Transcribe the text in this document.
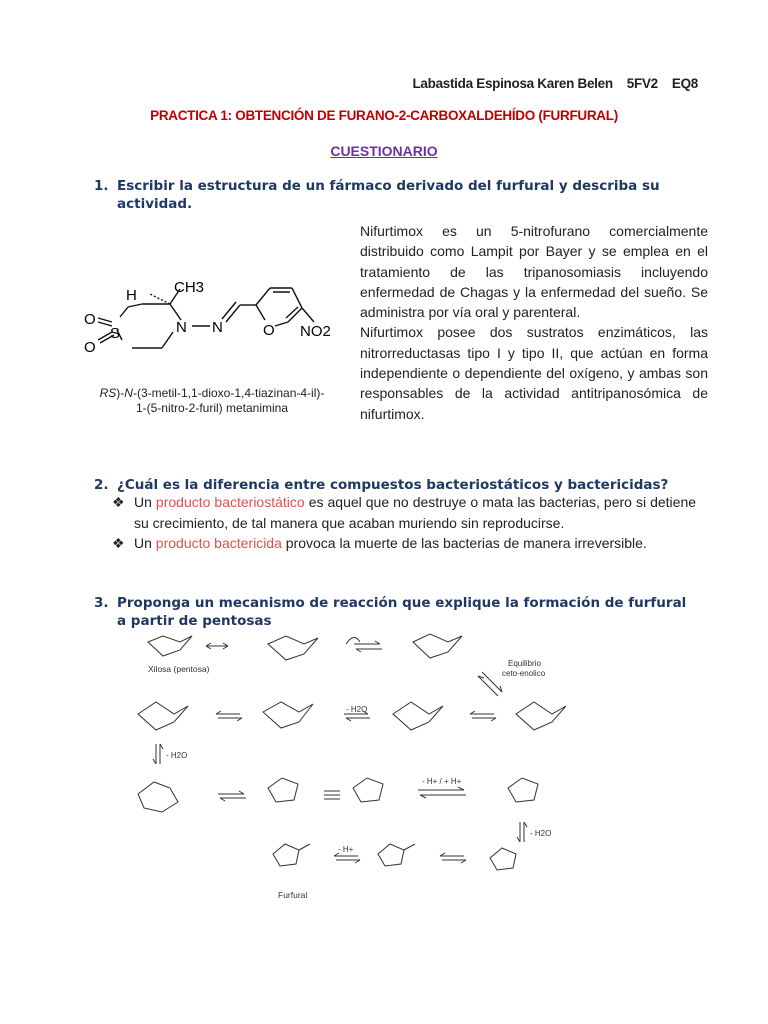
Labastida Espinosa Karen Belen 5FV2 EQ8
PRACTICA 1: OBTENCIÓN DE FURANO-2-CARBOXALDEHÍDO (FURFURAL)
CUESTIONARIO
1. Escribir la estructura de un fármaco derivado del furfural y describa su actividad.
H CH3
O
S
O
N N	O NO2
RS)-N-(3-metil-1,1-dioxo-1,4-tiazinan-4-il)-
1-(5-nitro-2-furil) metanimina
Nifurtimox es un 5-nitrofurano comercialmente distribuido como Lampit por Bayer y se emplea en el tratamiento de las tripanosomiasis incluyendo enfermedad de Chagas y la enfermedad del sueño. Se administra por vía oral y parenteral.
Nifurtimox posee dos sustratos enzimáticos, las nitrorreductasas tipo I y tipo II, que actúan en forma independiente o dependiente del oxígeno, y ambas son responsables de la actividad antitripanosómica de nifurtimox.
2. ¿Cuál es la diferencia entre compuestos bacteriostáticos y bactericidas?
❖ Un producto bacteriostático es aquel que no destruye o mata las bacterias, pero si detiene su crecimiento, de tal manera que acaban muriendo sin reproducirse.
❖ Un producto bactericida provoca la muerte de las bacterias de manera irreversible.
3. Proponga un mecanismo de reacción que explique la formación de furfural a partir de pentosas
Xilosa (pentosa)
Equilibrio
ceto-enolico
- H2O
- H2O
- H+ / + H+
- H2O
- H+
Furfural
